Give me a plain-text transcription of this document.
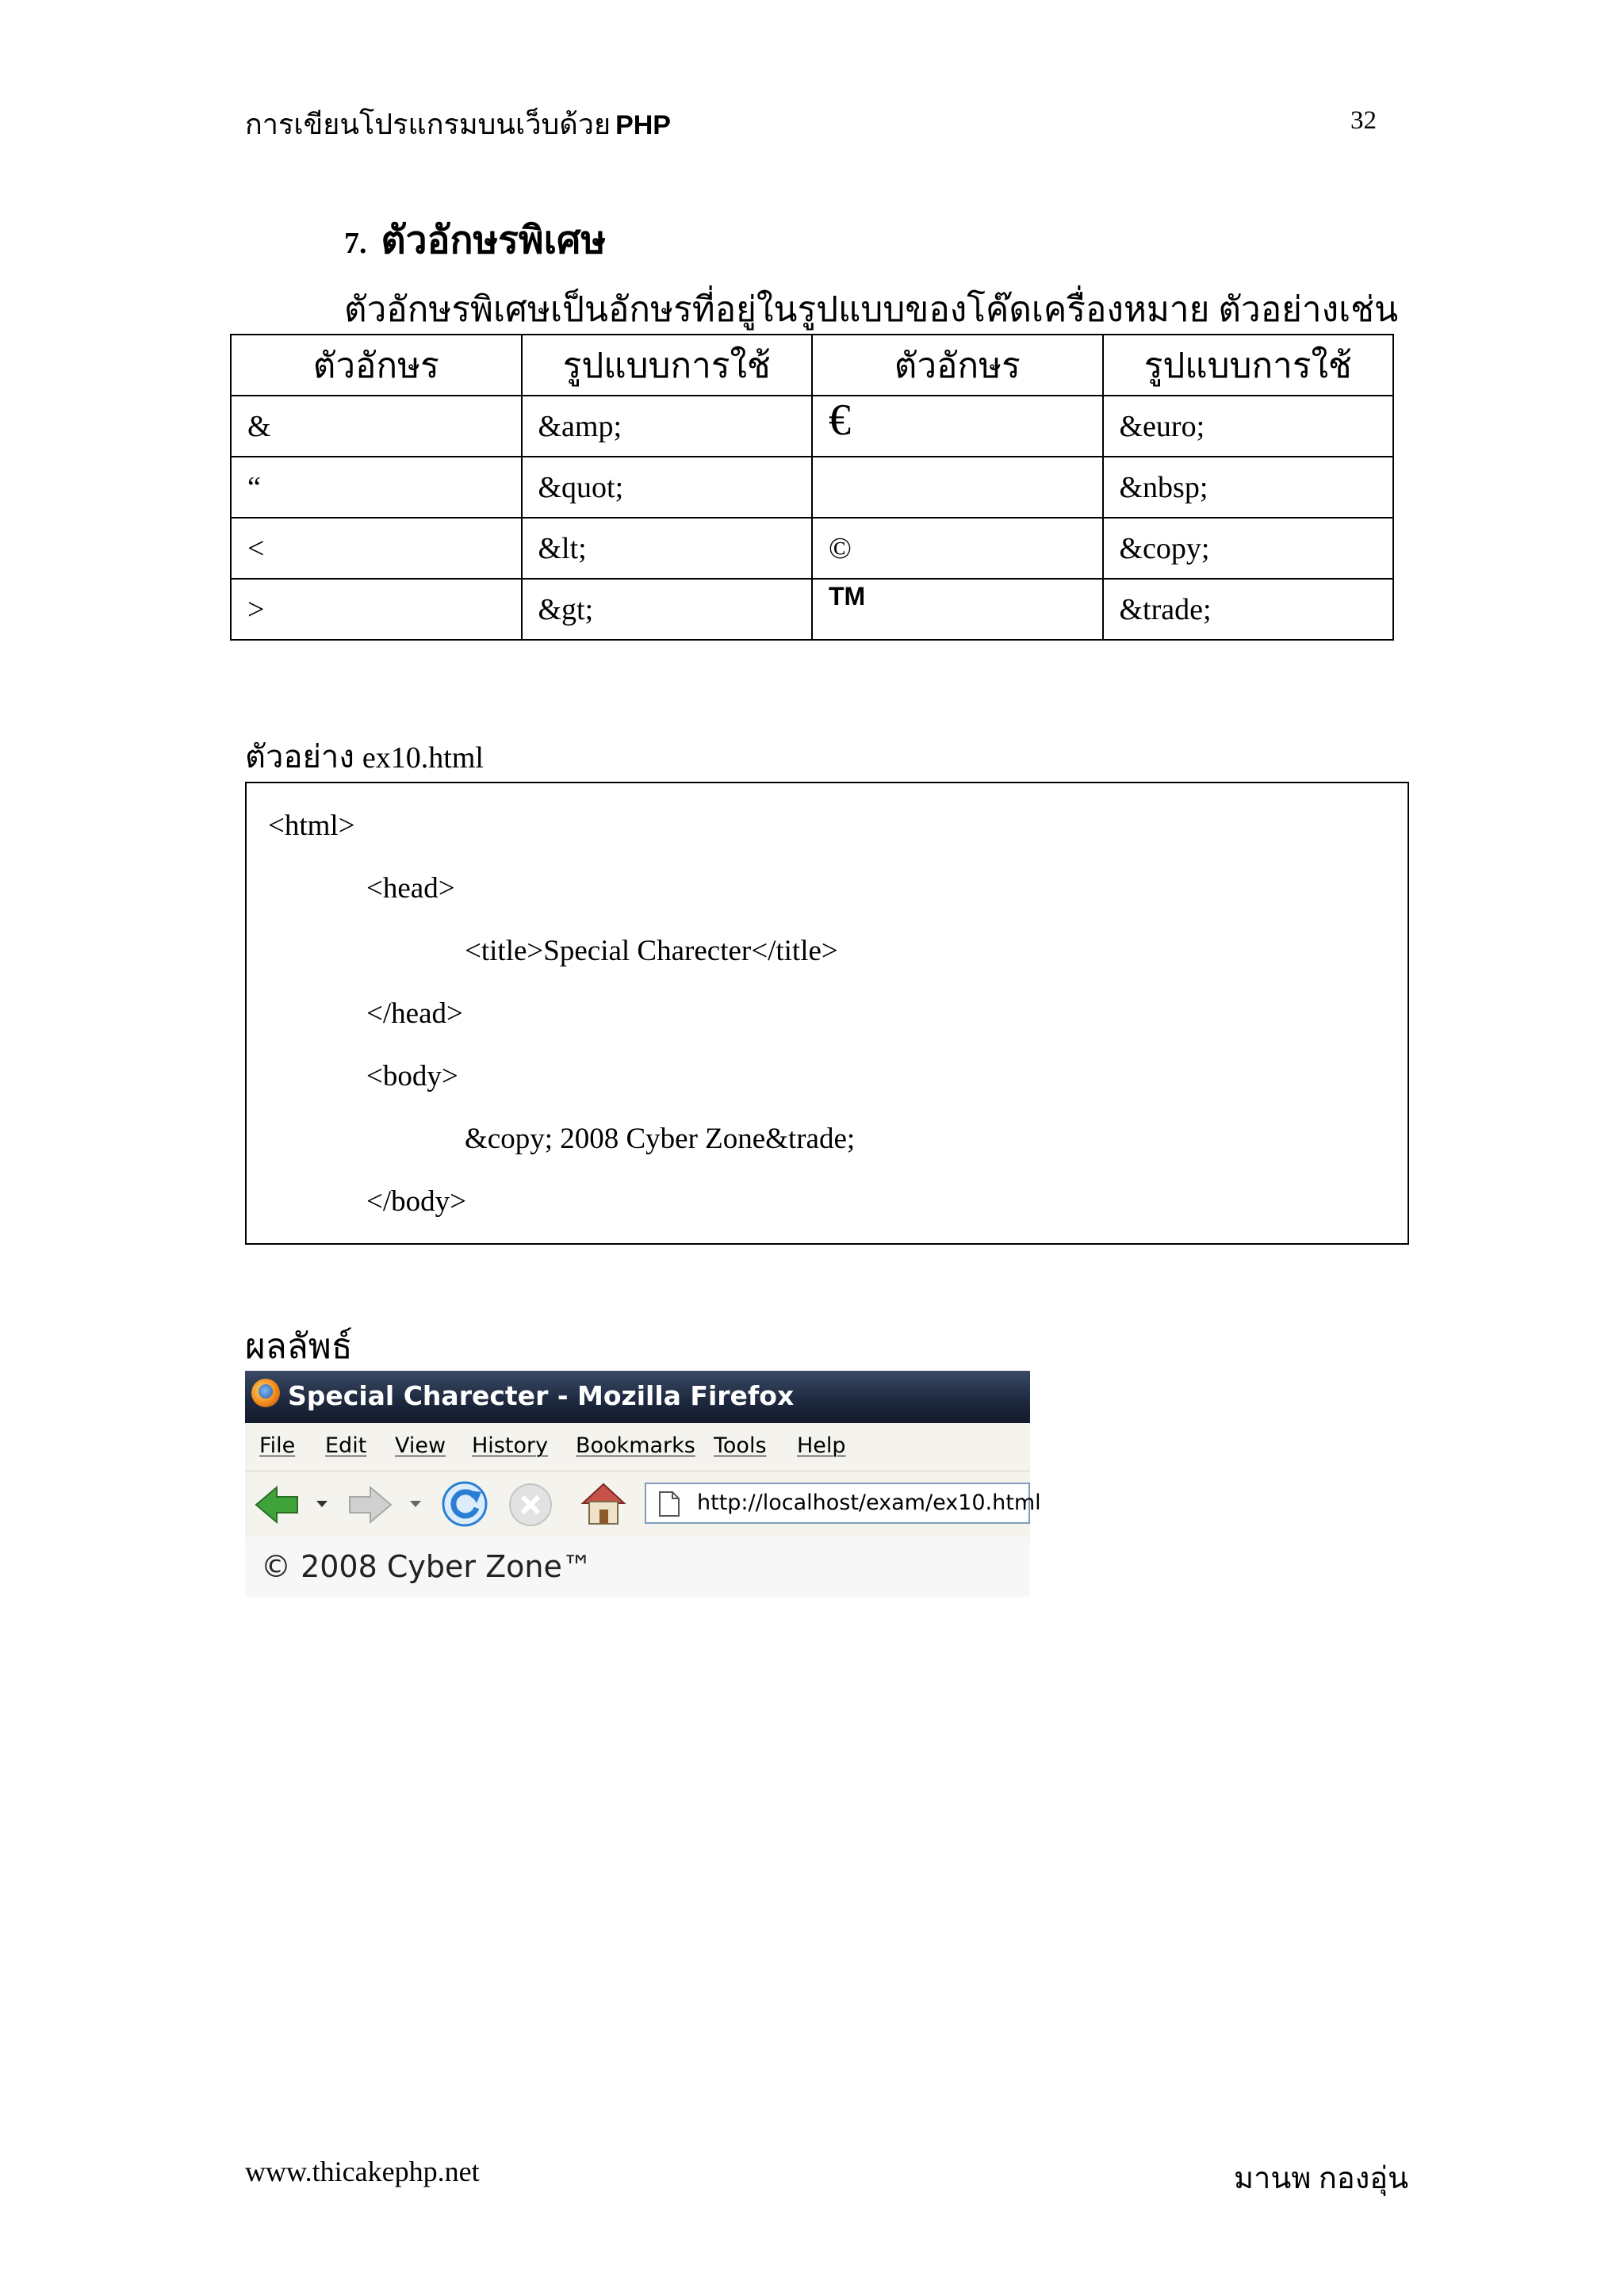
การเขียนโปรแกรมบนเว็บด้วย PHP	32
7. ตัวอักษรพิเศษ
ตัวอักษรพิเศษเป็นอักษรที่อยู่ในรูปแบบของโค๊ดเครื่องหมาย ตัวอย่างเช่น
ตัวอักษร	รูปแบบการใช้	ตัวอักษร	รูปแบบการใช้
&	&amp;	€	&euro;
“	&quot;		&nbsp;
<	&lt;	©	&copy;
>	&gt;	™	&trade;
ตัวอย่าง ex10.html
<html>
<head>
<title>Special Charecter</title>
</head>
<body>
&copy; 2008 Cyber Zone&trade;
</body>
ผลลัพธ์
Special Charecter - Mozilla Firefox
File Edit View History Bookmarks Tools Help
http://localhost/exam/ex10.html
© 2008 Cyber Zone™
www.thicakephp.net	มานพ กองอุ่น
